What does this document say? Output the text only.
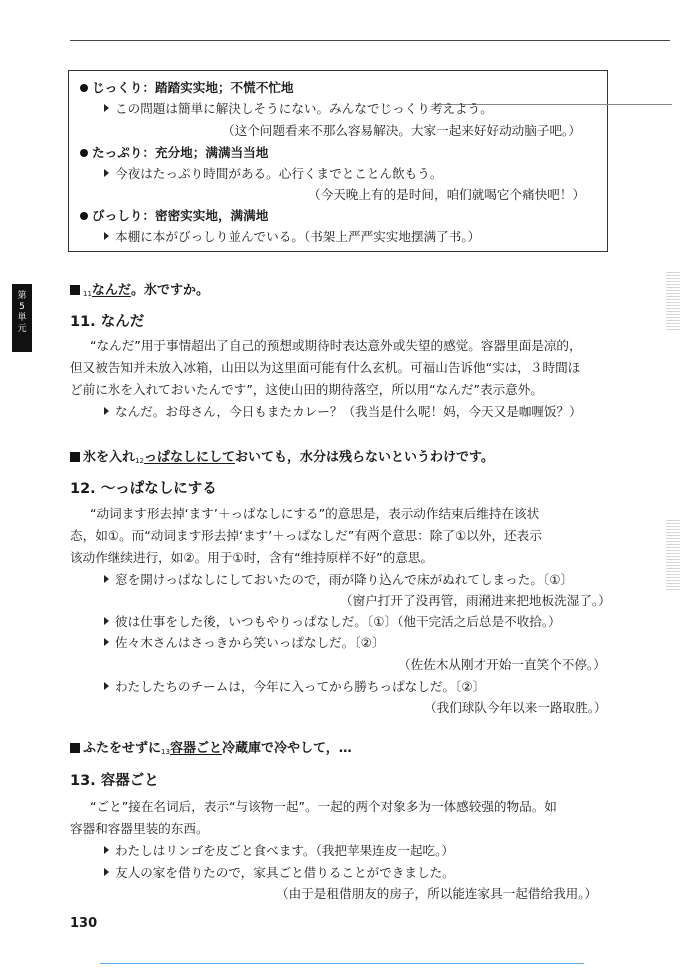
じっくり：踏踏实实地；不慌不忙地
この問題は簡単に解決しそうにない。みんなでじっくり考えよう。
（这个问题看来不那么容易解决。大家一起来好好动动脑子吧。）
たっぷり：充分地；满满当当地
今夜はたっぷり時間がある。心行くまでとことん飲もう。
（今天晚上有的是时间，咱们就喝它个痛快吧！）
びっしり：密密实实地，满满地
本棚に本がびっしり並んでいる。（书架上严严实实地摆满了书。）
第5単元
$_{11}$なんだ。氷ですか。
11. なんだ
“なんだ”用于事情超出了自己的预想或期待时表达意外或失望的感觉。容器里面是凉的，
但又被告知并未放入冰箱，山田以为这里面可能有什么玄机。可福山告诉他“实は，３時間ほ
ど前に氷を入れておいたんです”，这使山田的期待落空，所以用“なんだ”表示意外。
なんだ。お母さん，今日もまたカレー？（我当是什么呢！妈，今天又是咖喱饭？）
氷を入れ$_{12}$っぱなしにしておいても，水分は残らないというわけです。
12. ～っぱなしにする
“动词ます形去掉‘ます’＋っぱなしにする”的意思是，表示动作结束后维持在该状
态，如①。而“动词ます形去掉‘ます’＋っぱなしだ”有两个意思：除了①以外，还表示
该动作继续进行，如②。用于①时，含有“维持原样不好”的意思。
窓を開けっぱなしにしておいたので，雨が降り込んで床がぬれてしまった。〔①〕
（窗户打开了没再管，雨潲进来把地板洗湿了。）
彼は仕事をした後，いつもやりっぱなしだ。〔①〕（他干完活之后总是不收拾。）
佐々木さんはさっきから笑いっぱなしだ。〔②〕
（佐佐木从刚才开始一直笑个不停。）
わたしたちのチームは，今年に入ってから勝ちっぱなしだ。〔②〕
（我们球队今年以来一路取胜。）
ふたをせずに$_{13}$容器ごと冷蔵庫で冷やして，…
13. 容器ごと
“ごと”接在名词后，表示“与该物一起”。一起的两个对象多为一体感较强的物品。如
容器和容器里装的东西。
わたしはリンゴを皮ごと食べます。（我把苹果连皮一起吃。）
友人の家を借りたので，家具ごと借りることができました。
（由于是租借朋友的房子，所以能连家具一起借给我用。）
130
